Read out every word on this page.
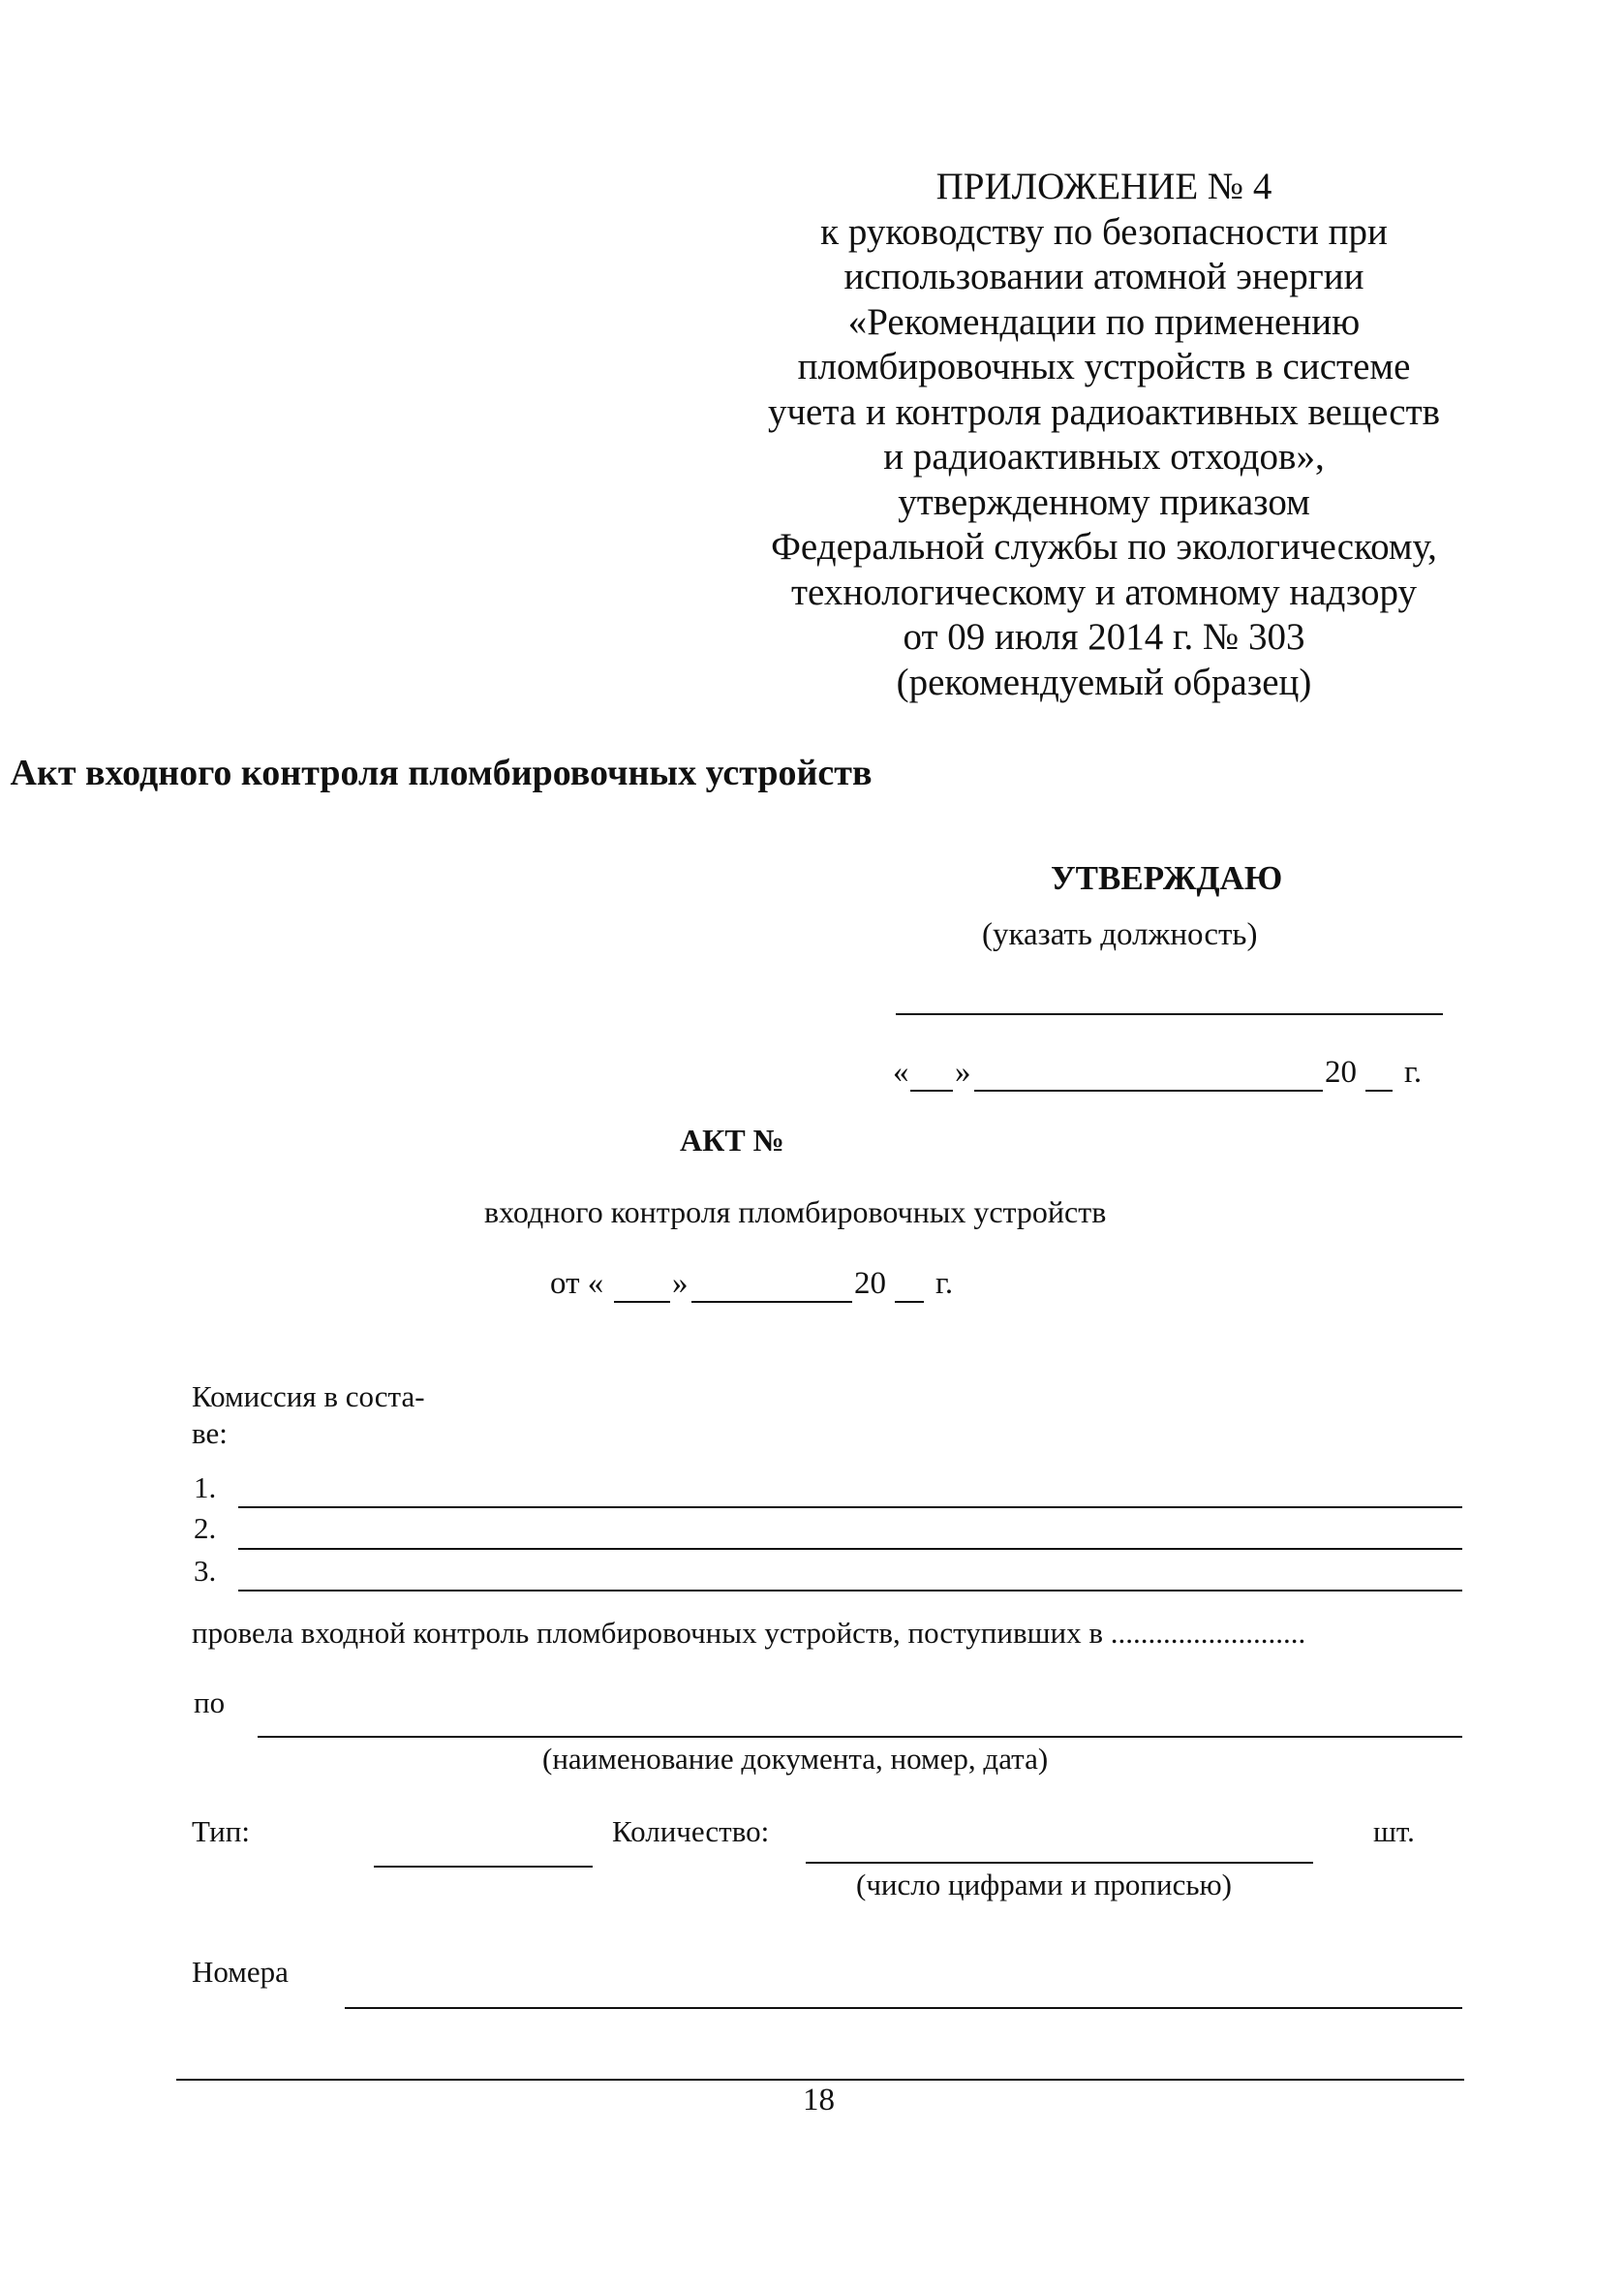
ПРИЛОЖЕНИЕ № 4
к руководству по безопасности при
использовании атомной энергии
«Рекомендации по применению
пломбировочных устройств в системе
учета и контроля радиоактивных веществ
и радиоактивных отходов»,
утвержденному приказом
Федеральной службы по экологическому,
технологическому и атомному надзору
от 09 июля 2014 г. № 303
(рекомендуемый образец)
Акт входного контроля пломбировочных устройств
УТВЕРЖДАЮ
(указать должность)
« »	20 г.
АКТ №
входного контроля пломбировочных устройств
от « »	20 г.
Комиссия в соста-
ве:
1.
2.
3.
провела входной контроль пломбировочных устройств, поступивших в ..........................
по
(наименование документа, номер, дата)
Тип:	Количество:	шт.
(число цифрами и прописью)
Номера
18
